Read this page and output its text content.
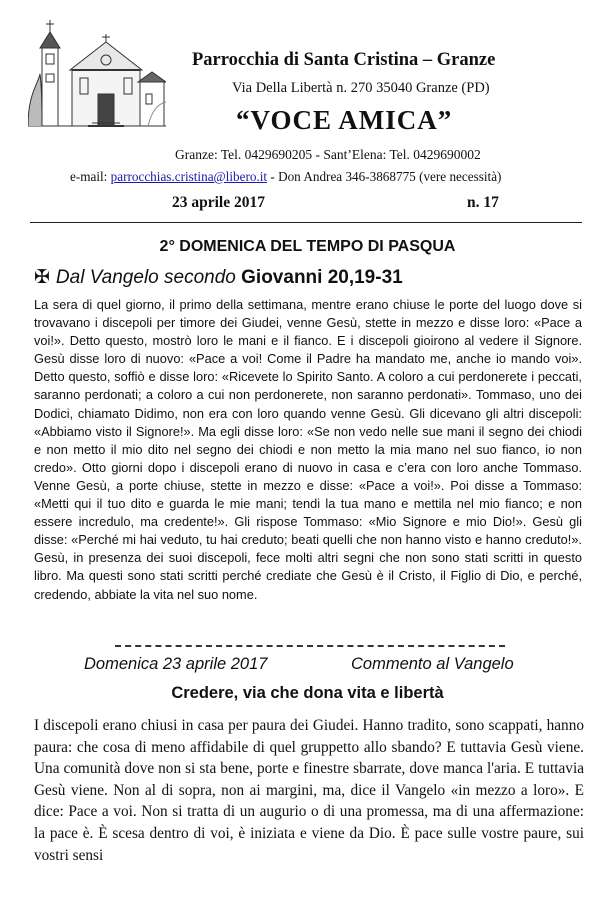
Parrocchia di Santa Cristina – Granze
Via Della Libertà n. 270 35040 Granze (PD)
“VOCE AMICA”
Granze: Tel. 0429690205 - Sant’Elena: Tel. 0429690002
e-mail: parrocchias.cristina@libero.it - Don Andrea 346-3868775 (vere necessità)
23 aprile 2017	n. 17
2° DOMENICA DEL TEMPO DI PASQUA
✠ Dal Vangelo secondo Giovanni 20,19-31
La sera di quel giorno, il primo della settimana, mentre erano chiuse le porte del luogo dove si trovavano i discepoli per timore dei Giudei, venne Gesù, stette in mezzo e disse loro: «Pace a voi!». Detto questo, mostrò loro le mani e il fianco. E i discepoli gioirono al vedere il Signore. Gesù disse loro di nuovo: «Pace a voi! Come il Padre ha mandato me, anche io mando voi». Detto questo, soffiò e disse loro: «Ricevete lo Spirito Santo. A coloro a cui perdonerete i peccati, saranno perdonati; a coloro a cui non perdonerete, non saranno perdonati». Tommaso, uno dei Dodici, chiamato Didimo, non era con loro quando venne Gesù. Gli dicevano gli altri discepoli: «Abbiamo visto il Signore!». Ma egli disse loro: «Se non vedo nelle sue mani il segno dei chiodi e non metto il mio dito nel segno dei chiodi e non metto la mia mano nel suo fianco, io non credo». Otto giorni dopo i discepoli erano di nuovo in casa e c’era con loro anche Tommaso. Venne Gesù, a porte chiuse, stette in mezzo e disse: «Pace a voi!». Poi disse a Tommaso: «Metti qui il tuo dito e guarda le mie mani; tendi la tua mano e mettila nel mio fianco; e non essere incredulo, ma credente!». Gli rispose Tommaso: «Mio Signore e mio Dio!». Gesù gli disse: «Perché mi hai veduto, tu hai creduto; beati quelli che non hanno visto e hanno creduto!». Gesù, in presenza dei suoi discepoli, fece molti altri segni che non sono stati scritti in questo libro. Ma questi sono stati scritti perché crediate che Gesù è il Cristo, il Figlio di Dio, e perché, credendo, abbiate la vita nel suo nome.
Domenica 23 aprile 2017	Commento al Vangelo
Credere, via che dona vita e libertà
I discepoli erano chiusi in casa per paura dei Giudei. Hanno tradito, sono scappati, hanno paura: che cosa di meno affidabile di quel gruppetto allo sbando? E tuttavia Gesù viene. Una comunità dove non si sta bene, porte e finestre sbarrate, dove manca l'aria. E tuttavia Gesù viene. Non al di sopra, non ai margini, ma, dice il Vangelo «in mezzo a loro». E dice: Pace a voi. Non si tratta di un augurio o di una promessa, ma di una affermazione: la pace è. È scesa dentro di voi, è iniziata e viene da Dio. È pace sulle vostre paure, sui vostri sensi
